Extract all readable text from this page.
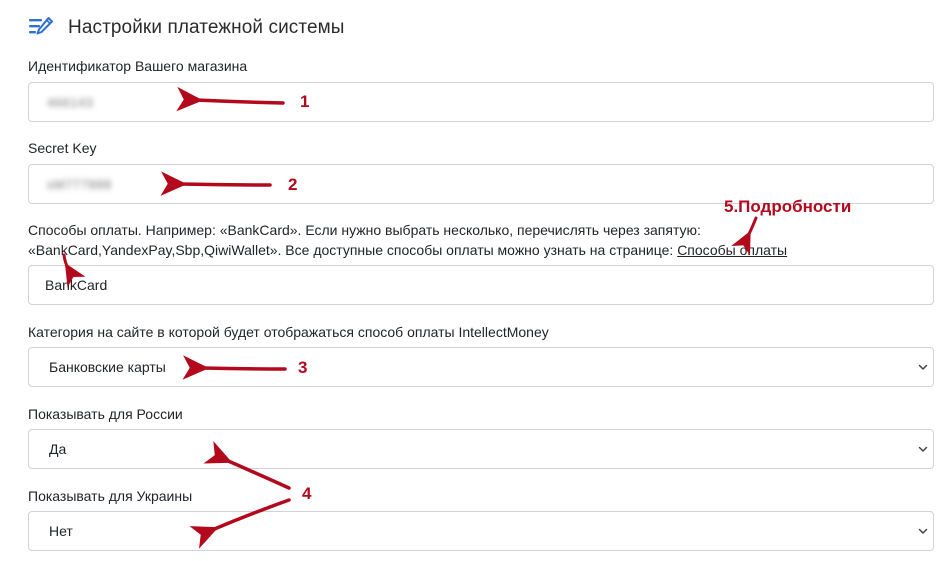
Настройки платежной системы
Идентификатор Вашего магазина
466143
Secret Key
sM777888
Способы оплаты. Например: «BankCard». Если нужно выбрать несколько, перечислять через запятую: «BankCard,YandexPay,Sbp,QiwiWallet». Все доступные способы оплаты можно узнать на странице: Способы оплаты
BankCard
Категория на сайте в которой будет отображаться способ оплаты IntellectMoney
Банковские карты
Показывать для России
Да
Показывать для Украины
Нет
1
2
5.Подробности
3
4
